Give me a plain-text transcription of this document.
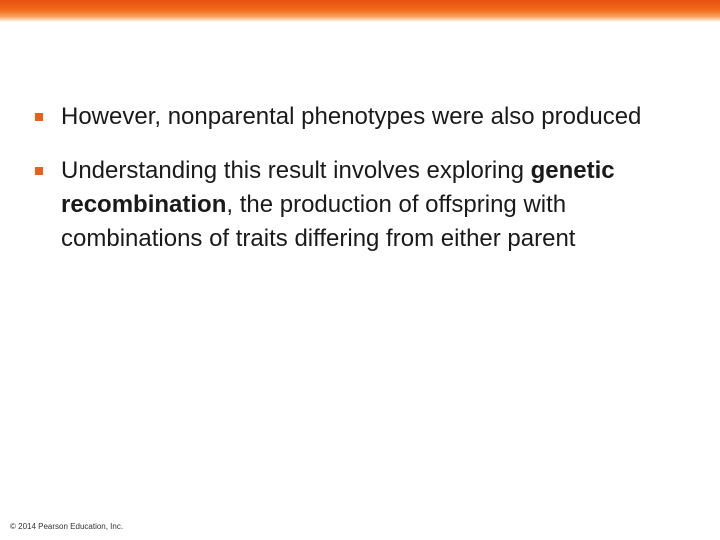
However, nonparental phenotypes were also produced
Understanding this result involves exploring genetic recombination, the production of offspring with combinations of traits differing from either parent
© 2014 Pearson Education, Inc.
